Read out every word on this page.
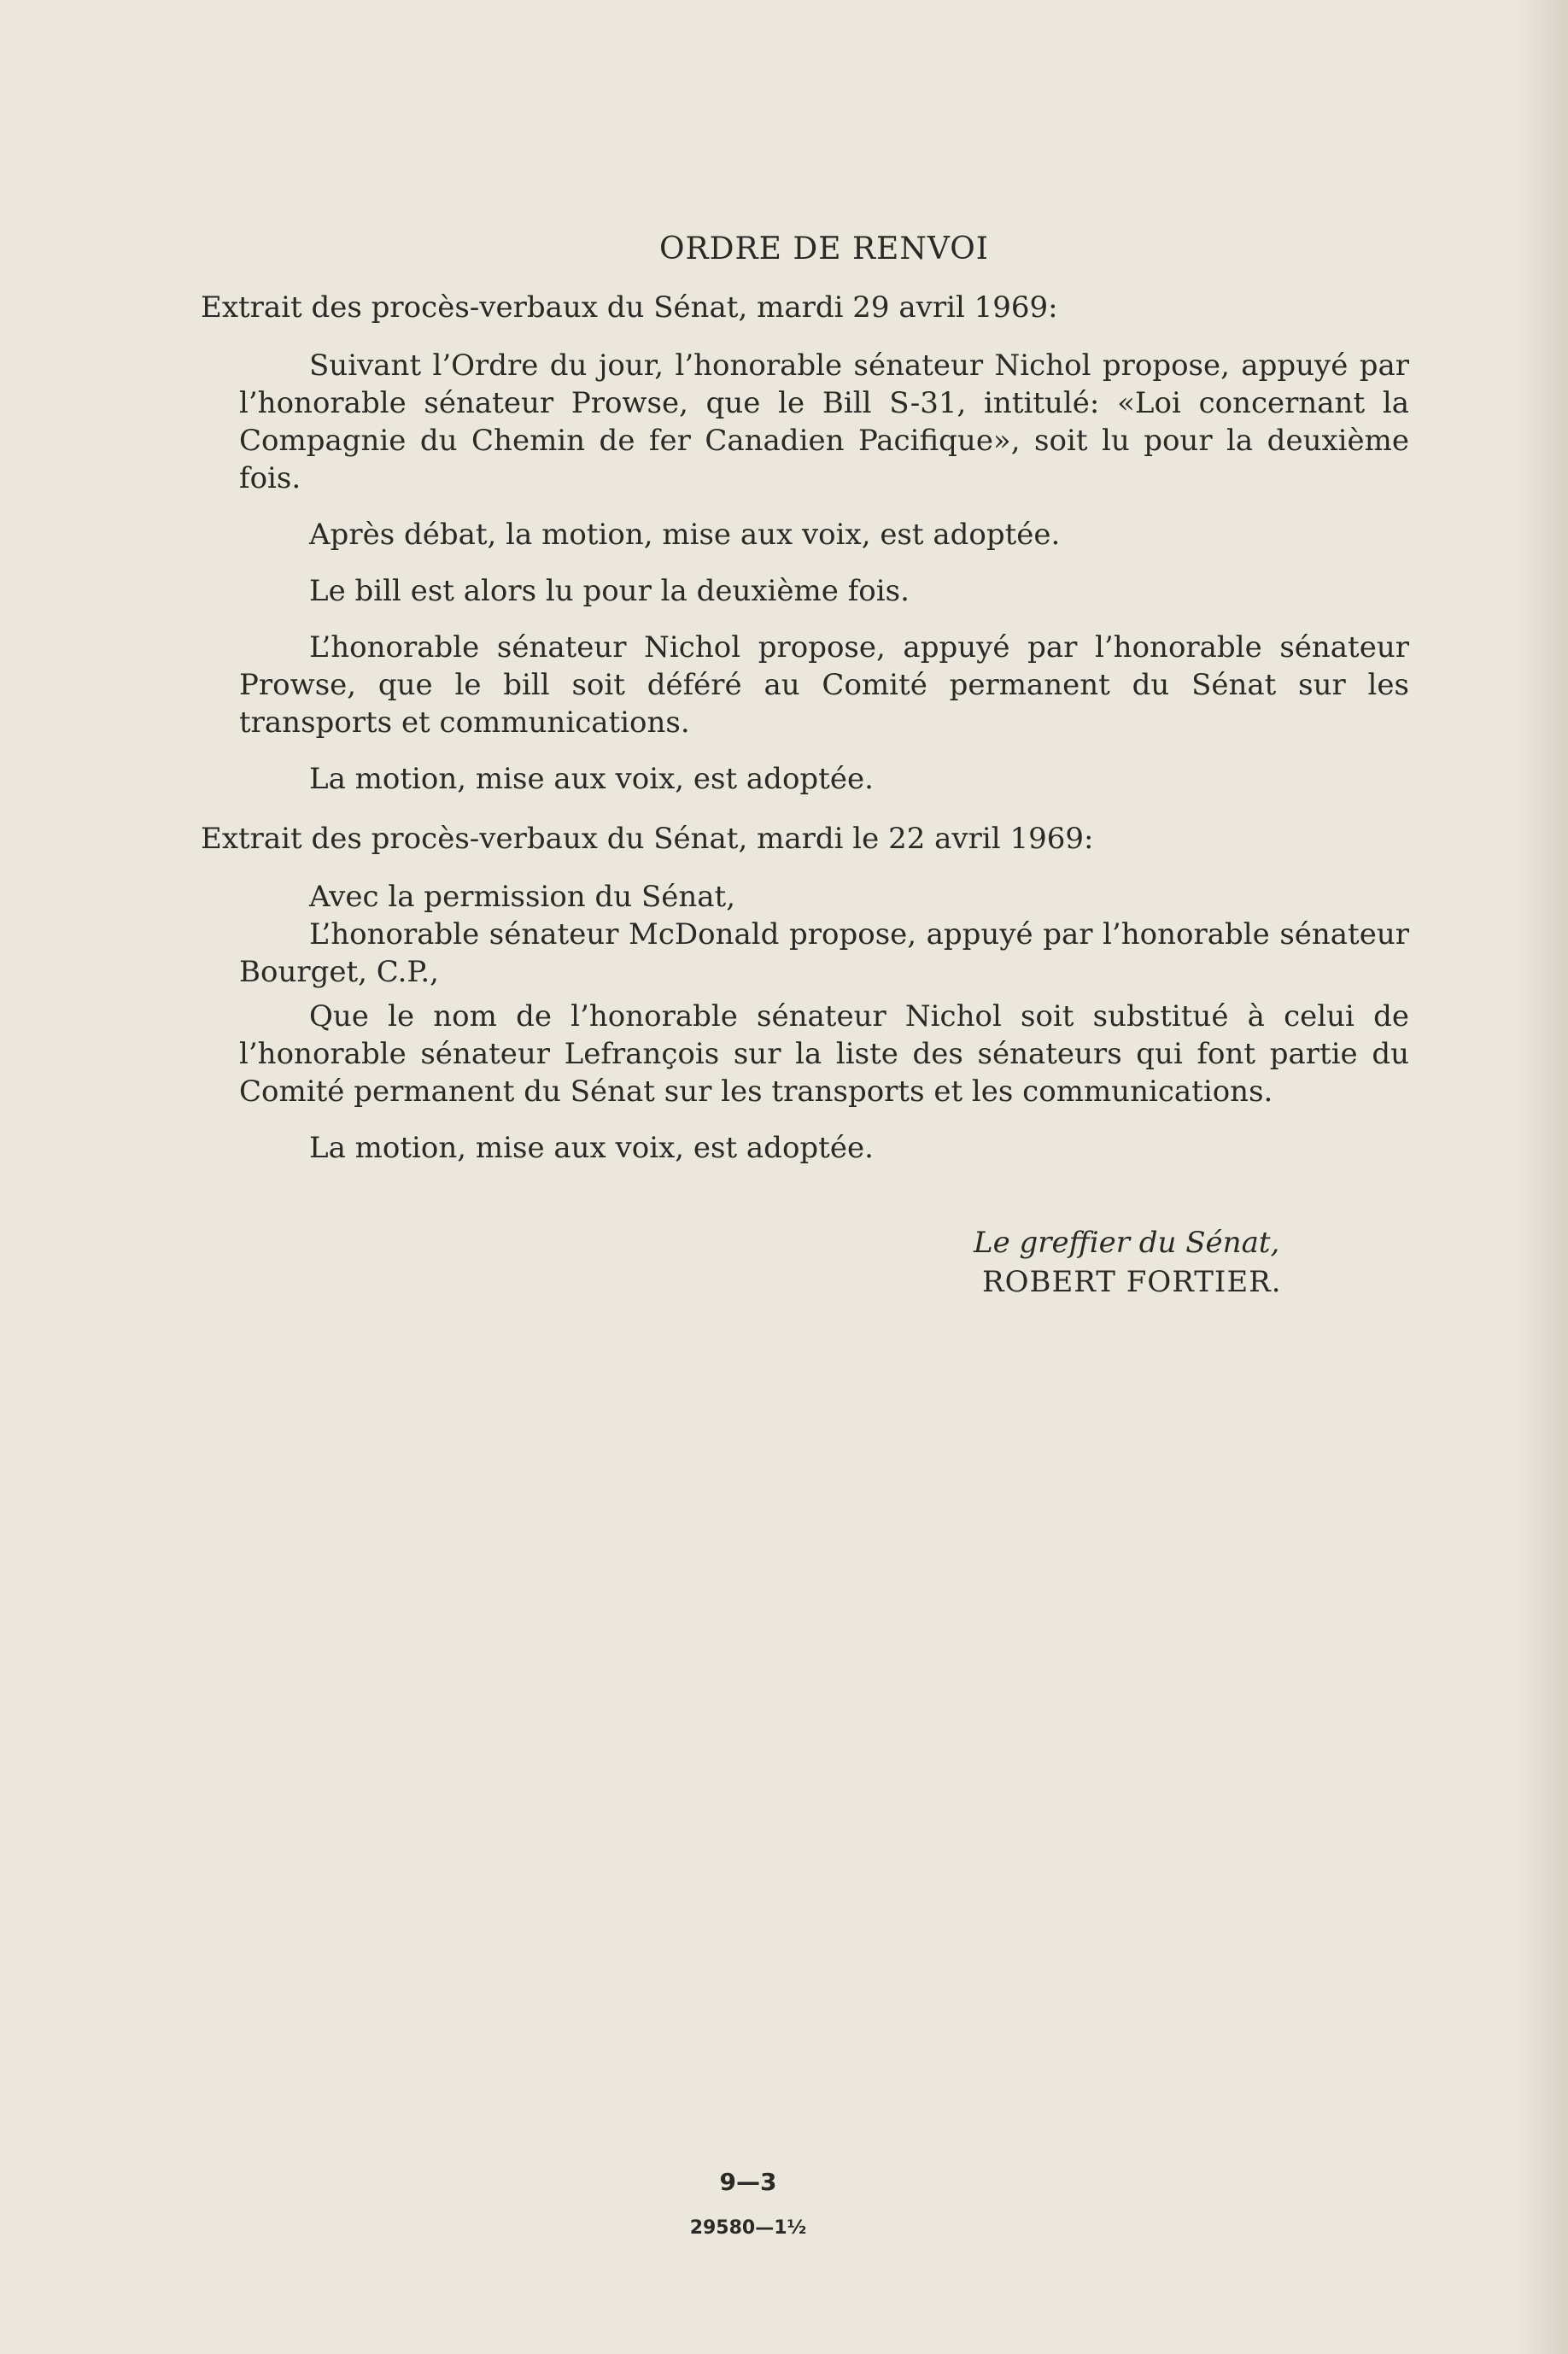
ORDRE DE RENVOI
Extrait des procès-verbaux du Sénat, mardi 29 avril 1969:
Suivant l’Ordre du jour, l’honorable sénateur Nichol propose, appuyé par l’honorable sénateur Prowse, que le Bill S-31, intitulé: «Loi concernant la Compagnie du Chemin de fer Canadien Pacifique», soit lu pour la deuxième fois.
Après débat, la motion, mise aux voix, est adoptée.
Le bill est alors lu pour la deuxième fois.
L’honorable sénateur Nichol propose, appuyé par l’honorable sénateur Prowse, que le bill soit déféré au Comité permanent du Sénat sur les transports et communications.
La motion, mise aux voix, est adoptée.
Extrait des procès-verbaux du Sénat, mardi le 22 avril 1969:
Avec la permission du Sénat,
L’honorable sénateur McDonald propose, appuyé par l’honorable sénateur Bourget, C.P.,
Que le nom de l’honorable sénateur Nichol soit substitué à celui de l’honorable sénateur Lefrançois sur la liste des sénateurs qui font partie du Comité permanent du Sénat sur les transports et les communications.
La motion, mise aux voix, est adoptée.
Le greffier du Sénat,
ROBERT FORTIER.
9—3
29580—1½
